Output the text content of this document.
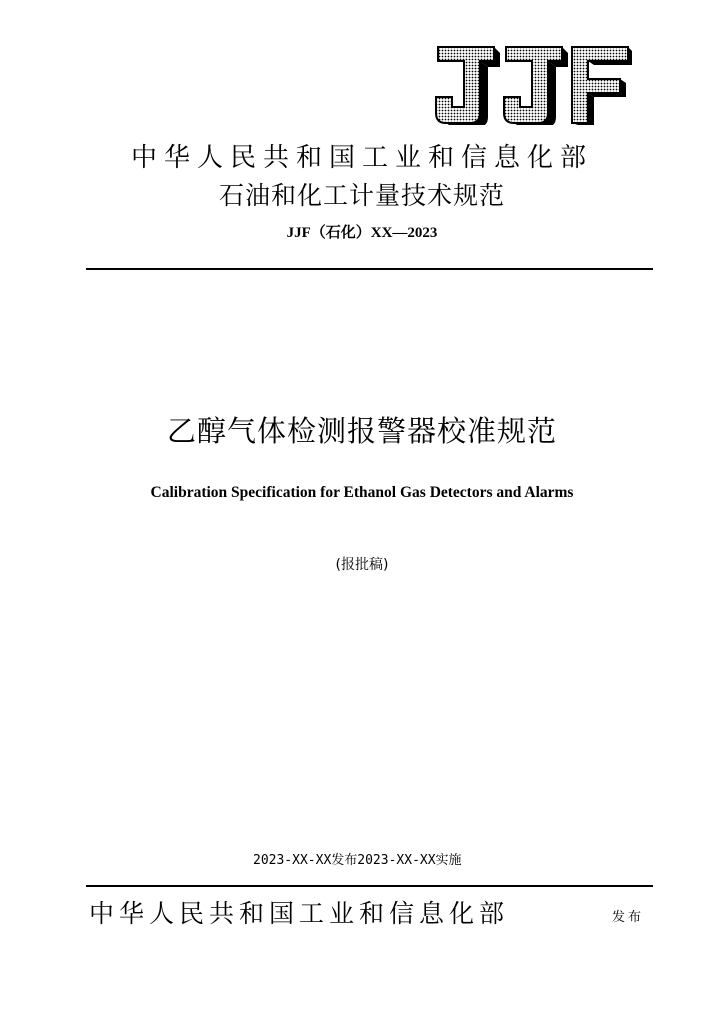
中华人民共和国工业和信息化部
石油和化工计量技术规范
JJF（石化）XX—2023
乙醇气体检测报警器校准规范
Calibration Specification for Ethanol Gas Detectors and Alarms
(报批稿)
2023-XX-XX发布2023-XX-XX实施
中华人民共和国工业和信息化部	发布
